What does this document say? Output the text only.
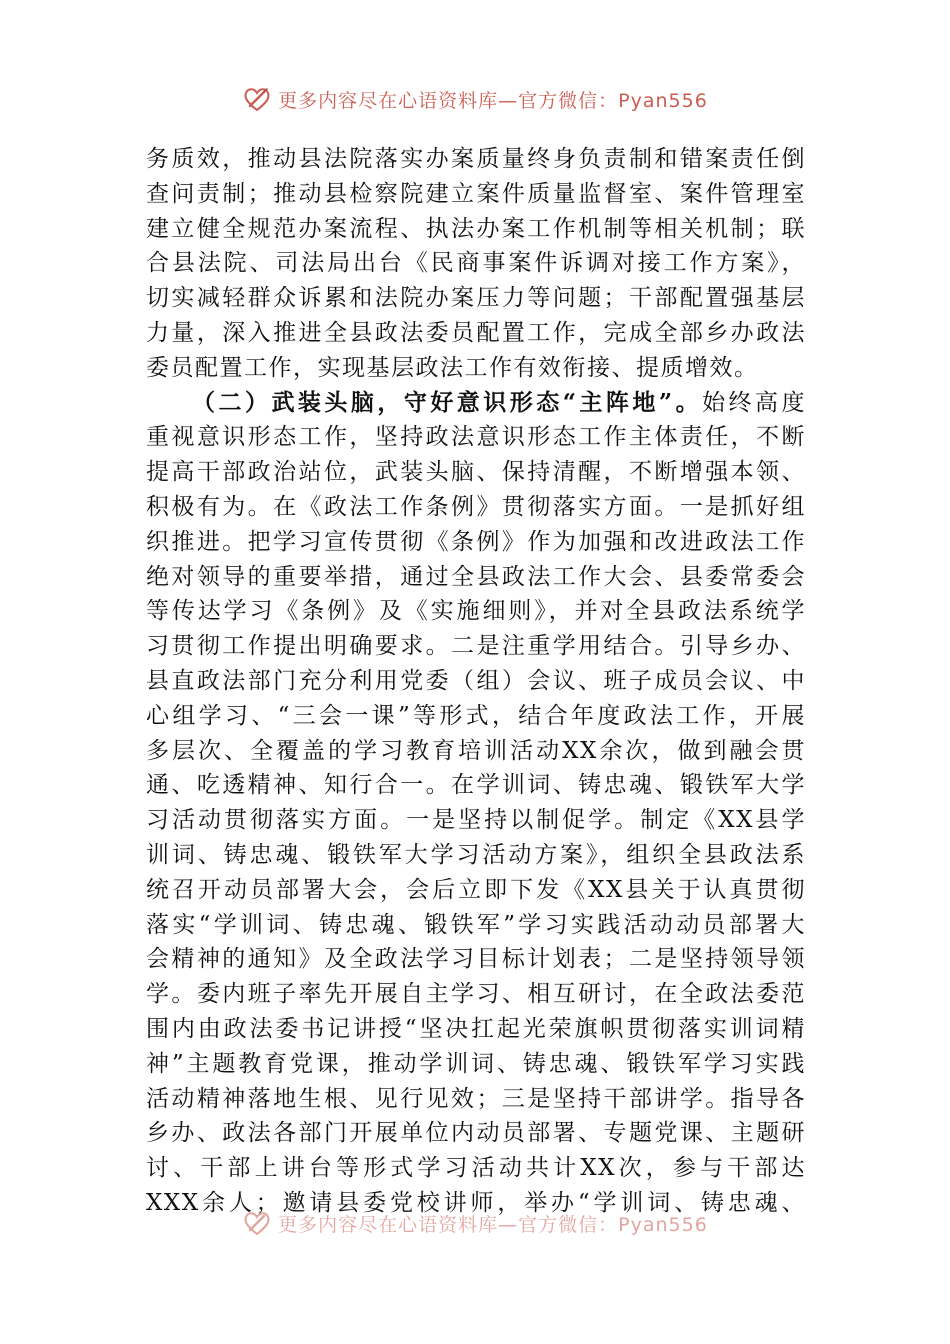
更多内容尽在心语资料库—官方微信：Pyan556
务质效，推动县法院落实办案质量终身负责制和错案责任倒
查问责制；推动县检察院建立案件质量监督室、案件管理室
建立健全规范办案流程、执法办案工作机制等相关机制；联
合县法院、司法局出台《民商事案件诉调对接工作方案》，
切实减轻群众诉累和法院办案压力等问题；干部配置强基层
力量，深入推进全县政法委员配置工作，完成全部乡办政法
委员配置工作，实现基层政法工作有效衔接、提质增效。
（二）武装头脑，守好意识形态“主阵地”。始终高度
重视意识形态工作，坚持政法意识形态工作主体责任，不断
提高干部政治站位，武装头脑、保持清醒，不断增强本领、
积极有为。在《政法工作条例》贯彻落实方面。一是抓好组
织推进。把学习宣传贯彻《条例》作为加强和改进政法工作
绝对领导的重要举措，通过全县政法工作大会、县委常委会
等传达学习《条例》及《实施细则》，并对全县政法系统学
习贯彻工作提出明确要求。二是注重学用结合。引导乡办、
县直政法部门充分利用党委（组）会议、班子成员会议、中
心组学习、“三会一课”等形式，结合年度政法工作，开展
多层次、全覆盖的学习教育培训活动XX余次，做到融会贯
通、吃透精神、知行合一。在学训词、铸忠魂、锻铁军大学
习活动贯彻落实方面。一是坚持以制促学。制定《XX县学
训词、铸忠魂、锻铁军大学习活动方案》，组织全县政法系
统召开动员部署大会，会后立即下发《XX县关于认真贯彻
落实“学训词、铸忠魂、锻铁军”学习实践活动动员部署大
会精神的通知》及全政法学习目标计划表；二是坚持领导领
学。委内班子率先开展自主学习、相互研讨，在全政法委范
围内由政法委书记讲授“坚决扛起光荣旗帜贯彻落实训词精
神”主题教育党课，推动学训词、铸忠魂、锻铁军学习实践
活动精神落地生根、见行见效；三是坚持干部讲学。指导各
乡办、政法各部门开展单位内动员部署、专题党课、主题研
讨、干部上讲台等形式学习活动共计XX次，参与干部达
XXX余人；邀请县委党校讲师，举办“学训词、铸忠魂、
更多内容尽在心语资料库—官方微信：Pyan556
